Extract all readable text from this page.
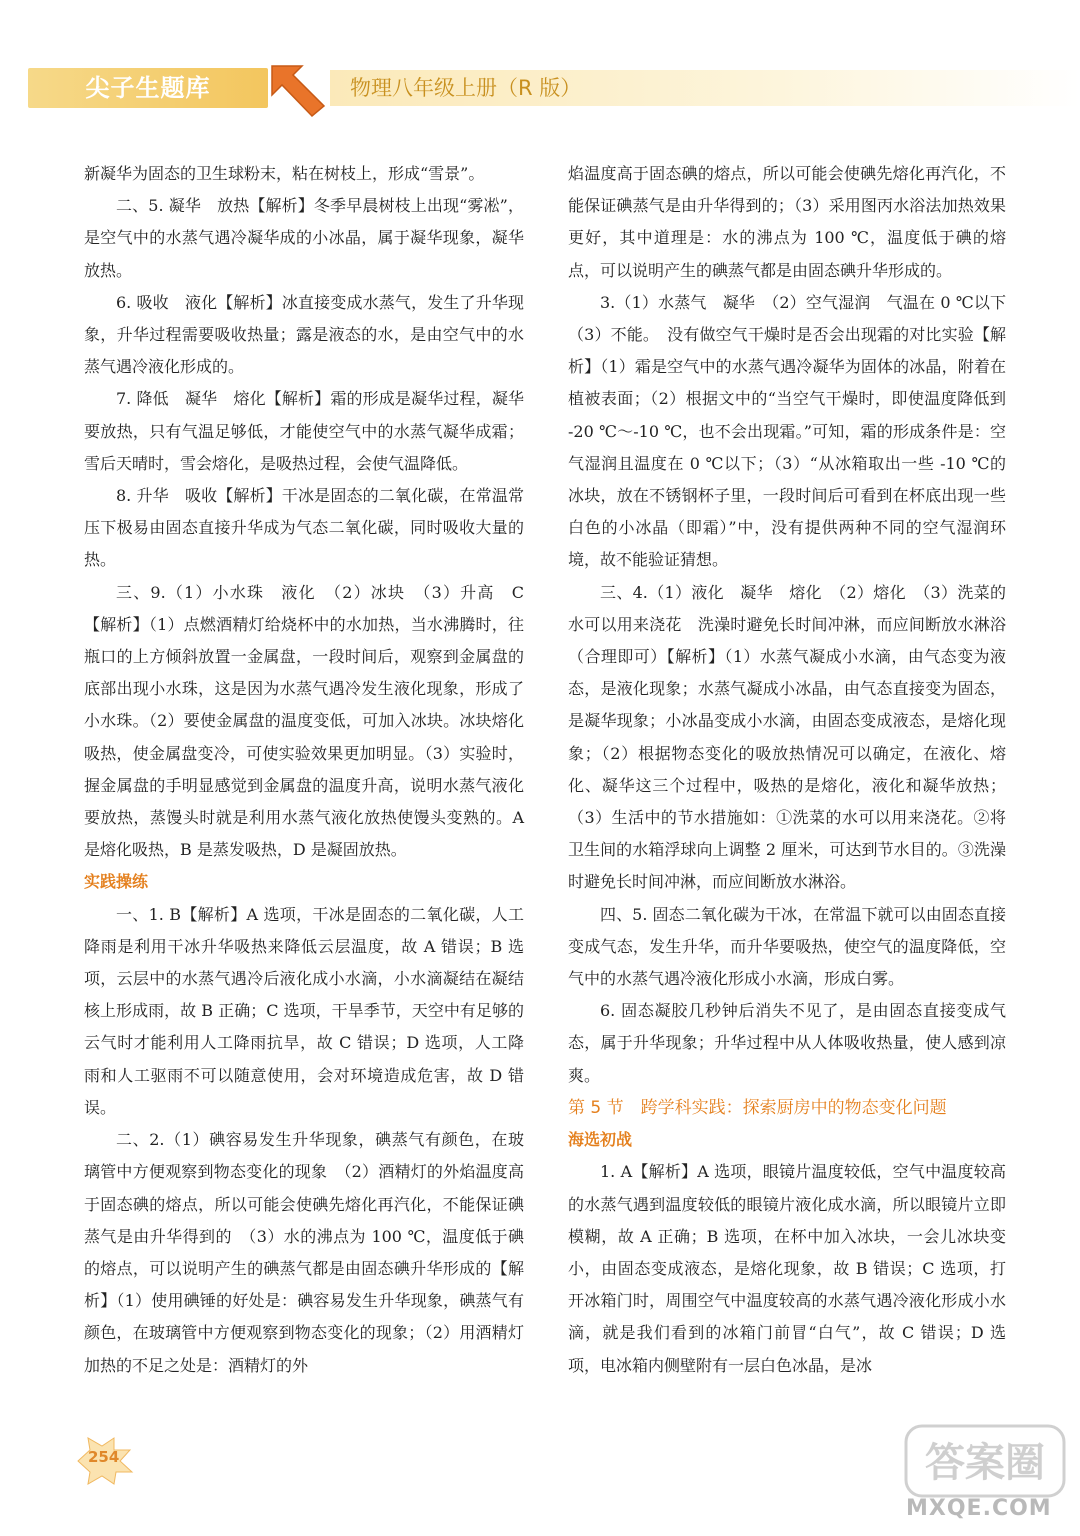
尖子生题库	物理八年级上册（R 版）

新凝华为固态的卫生球粉末，粘在树枝上，形成“雪景”。

二、5. 凝华　放热【解析】冬季早晨树枝上出现“雾凇”，是空气中的水蒸气遇冷凝华成的小冰晶，属于凝华现象，凝华放热。

6. 吸收　液化【解析】冰直接变成水蒸气，发生了升华现象，升华过程需要吸收热量；露是液态的水，是由空气中的水蒸气遇冷液化形成的。

7. 降低　凝华　熔化【解析】霜的形成是凝华过程，凝华要放热，只有气温足够低，才能使空气中的水蒸气凝华成霜；雪后天晴时，雪会熔化，是吸热过程，会使气温降低。

8. 升华　吸收【解析】干冰是固态的二氧化碳，在常温常压下极易由固态直接升华成为气态二氧化碳，同时吸收大量的热。

三、9.（1）小水珠　液化　（2）冰块　（3）升高　C【解析】（1）点燃酒精灯给烧杯中的水加热，当水沸腾时，往瓶口的上方倾斜放置一金属盘，一段时间后，观察到金属盘的底部出现小水珠，这是因为水蒸气遇冷发生液化现象，形成了小水珠。（2）要使金属盘的温度变低，可加入冰块。冰块熔化吸热，使金属盘变冷，可使实验效果更加明显。（3）实验时，握金属盘的手明显感觉到金属盘的温度升高，说明水蒸气液化要放热，蒸馒头时就是利用水蒸气液化放热使馒头变熟的。A 是熔化吸热，B 是蒸发吸热，D 是凝固放热。

实践操练

一、1. B【解析】A 选项，干冰是固态的二氧化碳，人工降雨是利用干冰升华吸热来降低云层温度，故 A 错误；B 选项，云层中的水蒸气遇冷后液化成小水滴，小水滴凝结在凝结核上形成雨，故 B 正确；C 选项，干旱季节，天空中有足够的云气时才能利用人工降雨抗旱，故 C 错误；D 选项，人工降雨和人工驱雨不可以随意使用，会对环境造成危害，故 D 错误。

二、2.（1）碘容易发生升华现象，碘蒸气有颜色，在玻璃管中方便观察到物态变化的现象　（2）酒精灯的外焰温度高于固态碘的熔点，所以可能会使碘先熔化再汽化，不能保证碘蒸气是由升华得到的　（3）水的沸点为 100 ℃，温度低于碘的熔点，可以说明产生的碘蒸气都是由固态碘升华形成的【解析】（1）使用碘锤的好处是：碘容易发生升华现象，碘蒸气有颜色，在玻璃管中方便观察到物态变化的现象；（2）用酒精灯加热的不足之处是：酒精灯的外

焰温度高于固态碘的熔点，所以可能会使碘先熔化再汽化，不能保证碘蒸气是由升华得到的；（3）采用图丙水浴法加热效果更好，其中道理是：水的沸点为 100 ℃，温度低于碘的熔点，可以说明产生的碘蒸气都是由固态碘升华形成的。

3.（1）水蒸气　凝华　（2）空气湿润　气温在 0 ℃以下　（3）不能。　没有做空气干燥时是否会出现霜的对比实验【解析】（1）霜是空气中的水蒸气遇冷凝华为固体的冰晶，附着在植被表面；（2）根据文中的“当空气干燥时，即使温度降低到 -20 ℃～-10 ℃，也不会出现霜。”可知，霜的形成条件是：空气湿润且温度在 0 ℃以下；（3）“从冰箱取出一些 -10 ℃的冰块，放在不锈钢杯子里，一段时间后可看到在杯底出现一些白色的小冰晶（即霜）”中，没有提供两种不同的空气湿润环境，故不能验证猜想。

三、4.（1）液化　凝华　熔化　（2）熔化　（3）洗菜的水可以用来浇花　洗澡时避免长时间冲淋，而应间断放水淋浴（合理即可）【解析】（1）水蒸气凝成小水滴，由气态变为液态，是液化现象；水蒸气凝成小冰晶，由气态直接变为固态，是凝华现象；小冰晶变成小水滴，由固态变成液态，是熔化现象；（2）根据物态变化的吸放热情况可以确定，在液化、熔化、凝华这三个过程中，吸热的是熔化，液化和凝华放热；（3）生活中的节水措施如：①洗菜的水可以用来浇花。②将卫生间的水箱浮球向上调整 2 厘米，可达到节水目的。③洗澡时避免长时间冲淋，而应间断放水淋浴。

四、5. 固态二氧化碳为干冰，在常温下就可以由固态直接变成气态，发生升华，而升华要吸热，使空气的温度降低，空气中的水蒸气遇冷液化形成小水滴，形成白雾。

6. 固态凝胶几秒钟后消失不见了，是由固态直接变成气态，属于升华现象；升华过程中从人体吸收热量，使人感到凉爽。

第 5 节　跨学科实践：探索厨房中的物态变化问题

海选初战

1. A【解析】A 选项，眼镜片温度较低，空气中温度较高的水蒸气遇到温度较低的眼镜片液化成水滴，所以眼镜片立即模糊，故 A 正确；B 选项，在杯中加入冰块，一会儿冰块变小，由固态变成液态，是熔化现象，故 B 错误；C 选项，打开冰箱门时，周围空气中温度较高的水蒸气遇冷液化形成小水滴，就是我们看到的冰箱门前冒“白气”，故 C 错误；D 选项，电冰箱内侧壁附有一层白色冰晶，是冰

254	答案圈
MXQE.COM
